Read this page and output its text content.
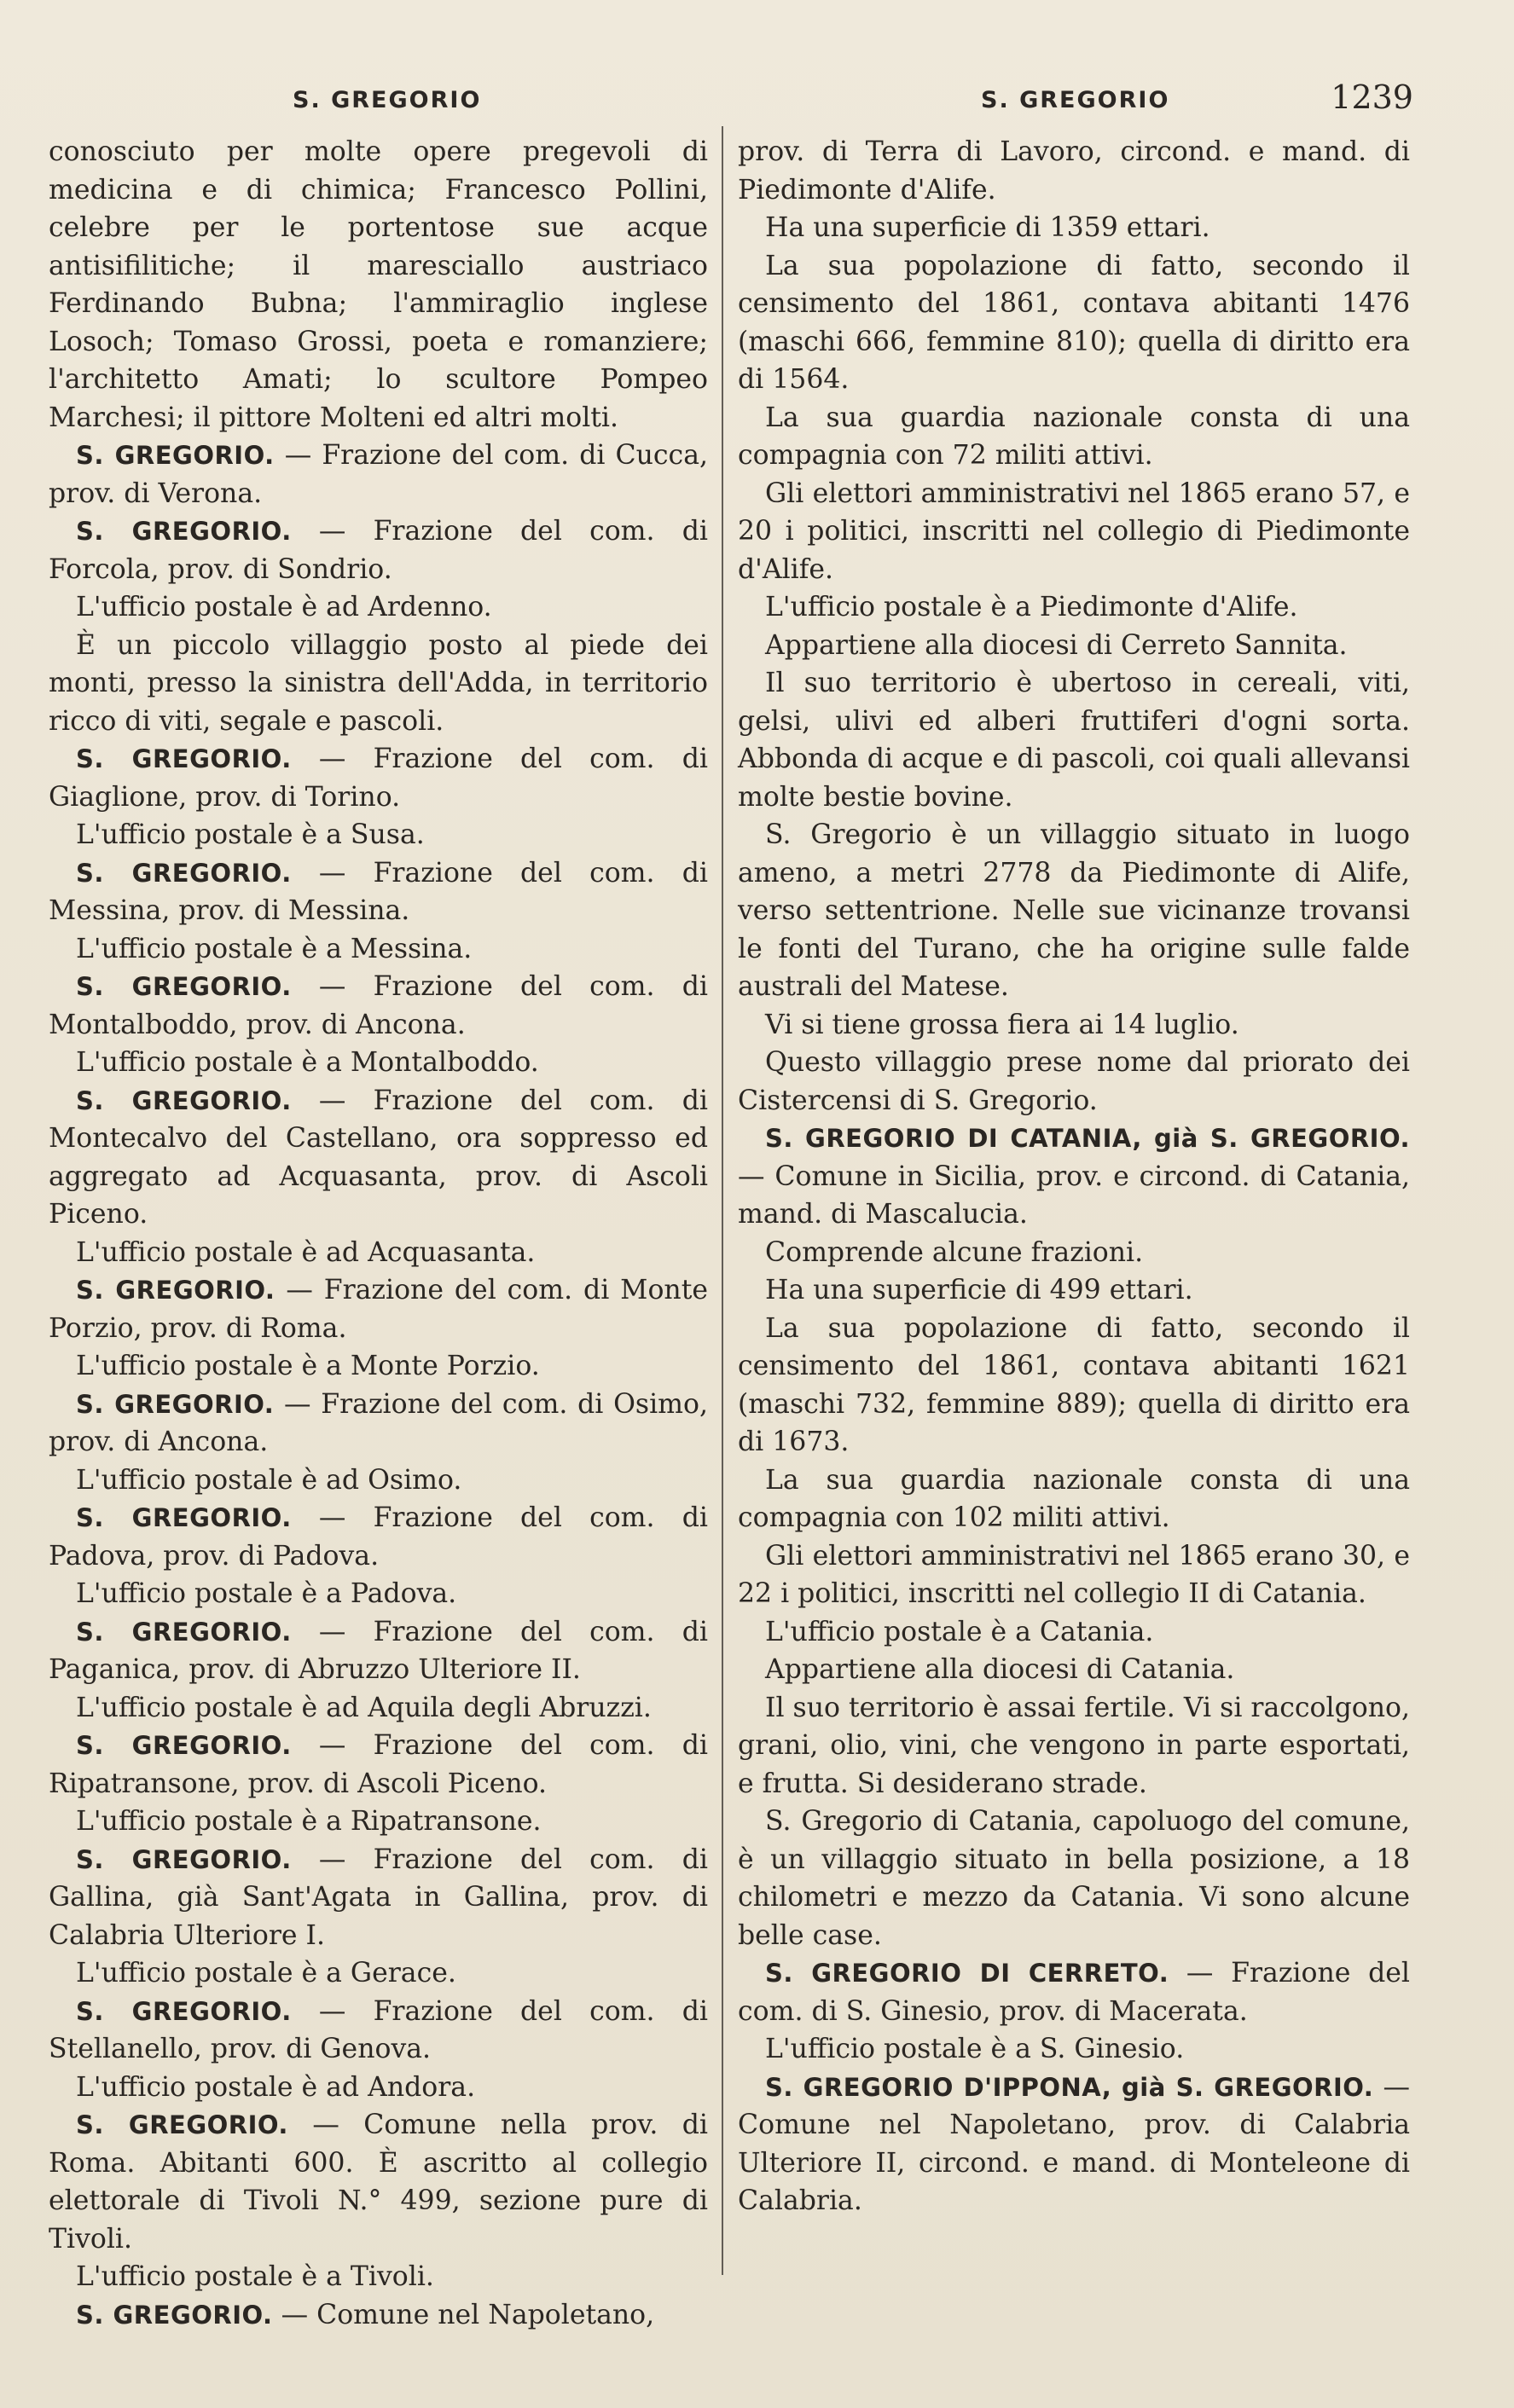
S. GREGORIO	S. GREGORIO	1239

conosciuto per molte opere pregevoli di medicina e di chimica; Francesco Pollini, celebre per le portentose sue acque antisifilitiche; il maresciallo austriaco Ferdinando Bubna; l'ammiraglio inglese Losoch; Tomaso Grossi, poeta e romanziere; l'architetto Amati; lo scultore Pompeo Marchesi; il pittore Molteni ed altri molti.

S. GREGORIO. — Frazione del com. di Cucca, prov. di Verona.

S. GREGORIO. — Frazione del com. di Forcola, prov. di Sondrio.

L'ufficio postale è ad Ardenno.

È un piccolo villaggio posto al piede dei monti, presso la sinistra dell'Adda, in territorio ricco di viti, segale e pascoli.

S. GREGORIO. — Frazione del com. di Giaglione, prov. di Torino.

L'ufficio postale è a Susa.

S. GREGORIO. — Frazione del com. di Messina, prov. di Messina.

L'ufficio postale è a Messina.

S. GREGORIO. — Frazione del com. di Montalboddo, prov. di Ancona.

L'ufficio postale è a Montalboddo.

S. GREGORIO. — Frazione del com. di Montecalvo del Castellano, ora soppresso ed aggregato ad Acquasanta, prov. di Ascoli Piceno.

L'ufficio postale è ad Acquasanta.

S. GREGORIO. — Frazione del com. di Monte Porzio, prov. di Roma.

L'ufficio postale è a Monte Porzio.

S. GREGORIO. — Frazione del com. di Osimo, prov. di Ancona.

L'ufficio postale è ad Osimo.

S. GREGORIO. — Frazione del com. di Padova, prov. di Padova.

L'ufficio postale è a Padova.

S. GREGORIO. — Frazione del com. di Paganica, prov. di Abruzzo Ulteriore II.

L'ufficio postale è ad Aquila degli Abruzzi.

S. GREGORIO. — Frazione del com. di Ripatransone, prov. di Ascoli Piceno.

L'ufficio postale è a Ripatransone.

S. GREGORIO. — Frazione del com. di Gallina, già Sant'Agata in Gallina, prov. di Calabria Ulteriore I.

L'ufficio postale è a Gerace.

S. GREGORIO. — Frazione del com. di Stellanello, prov. di Genova.

L'ufficio postale è ad Andora.

S. GREGORIO. — Comune nella prov. di Roma. Abitanti 600. È ascritto al collegio elettorale di Tivoli N.° 499, sezione pure di Tivoli.

L'ufficio postale è a Tivoli.

S. GREGORIO. — Comune nel Napoletano,

prov. di Terra di Lavoro, circond. e mand. di Piedimonte d'Alife.

Ha una superficie di 1359 ettari.

La sua popolazione di fatto, secondo il censimento del 1861, contava abitanti 1476 (maschi 666, femmine 810); quella di diritto era di 1564.

La sua guardia nazionale consta di una compagnia con 72 militi attivi.

Gli elettori amministrativi nel 1865 erano 57, e 20 i politici, inscritti nel collegio di Piedimonte d'Alife.

L'ufficio postale è a Piedimonte d'Alife.

Appartiene alla diocesi di Cerreto Sannita.

Il suo territorio è ubertoso in cereali, viti, gelsi, ulivi ed alberi fruttiferi d'ogni sorta. Abbonda di acque e di pascoli, coi quali allevansi molte bestie bovine.

S. Gregorio è un villaggio situato in luogo ameno, a metri 2778 da Piedimonte di Alife, verso settentrione. Nelle sue vicinanze trovansi le fonti del Turano, che ha origine sulle falde australi del Matese.

Vi si tiene grossa fiera ai 14 luglio.

Questo villaggio prese nome dal priorato dei Cistercensi di S. Gregorio.

S. GREGORIO DI CATANIA, già S. GREGORIO. — Comune in Sicilia, prov. e circond. di Catania, mand. di Mascalucia.

Comprende alcune frazioni.

Ha una superficie di 499 ettari.

La sua popolazione di fatto, secondo il censimento del 1861, contava abitanti 1621 (maschi 732, femmine 889); quella di diritto era di 1673.

La sua guardia nazionale consta di una compagnia con 102 militi attivi.

Gli elettori amministrativi nel 1865 erano 30, e 22 i politici, inscritti nel collegio II di Catania.

L'ufficio postale è a Catania.

Appartiene alla diocesi di Catania.

Il suo territorio è assai fertile. Vi si raccolgono, grani, olio, vini, che vengono in parte esportati, e frutta. Si desiderano strade.

S. Gregorio di Catania, capoluogo del comune, è un villaggio situato in bella posizione, a 18 chilometri e mezzo da Catania. Vi sono alcune belle case.

S. GREGORIO DI CERRETO. — Frazione del com. di S. Ginesio, prov. di Macerata.

L'ufficio postale è a S. Ginesio.

S. GREGORIO D'IPPONA, già S. GREGORIO. — Comune nel Napoletano, prov. di Calabria Ulteriore II, circond. e mand. di Monteleone di Calabria.
